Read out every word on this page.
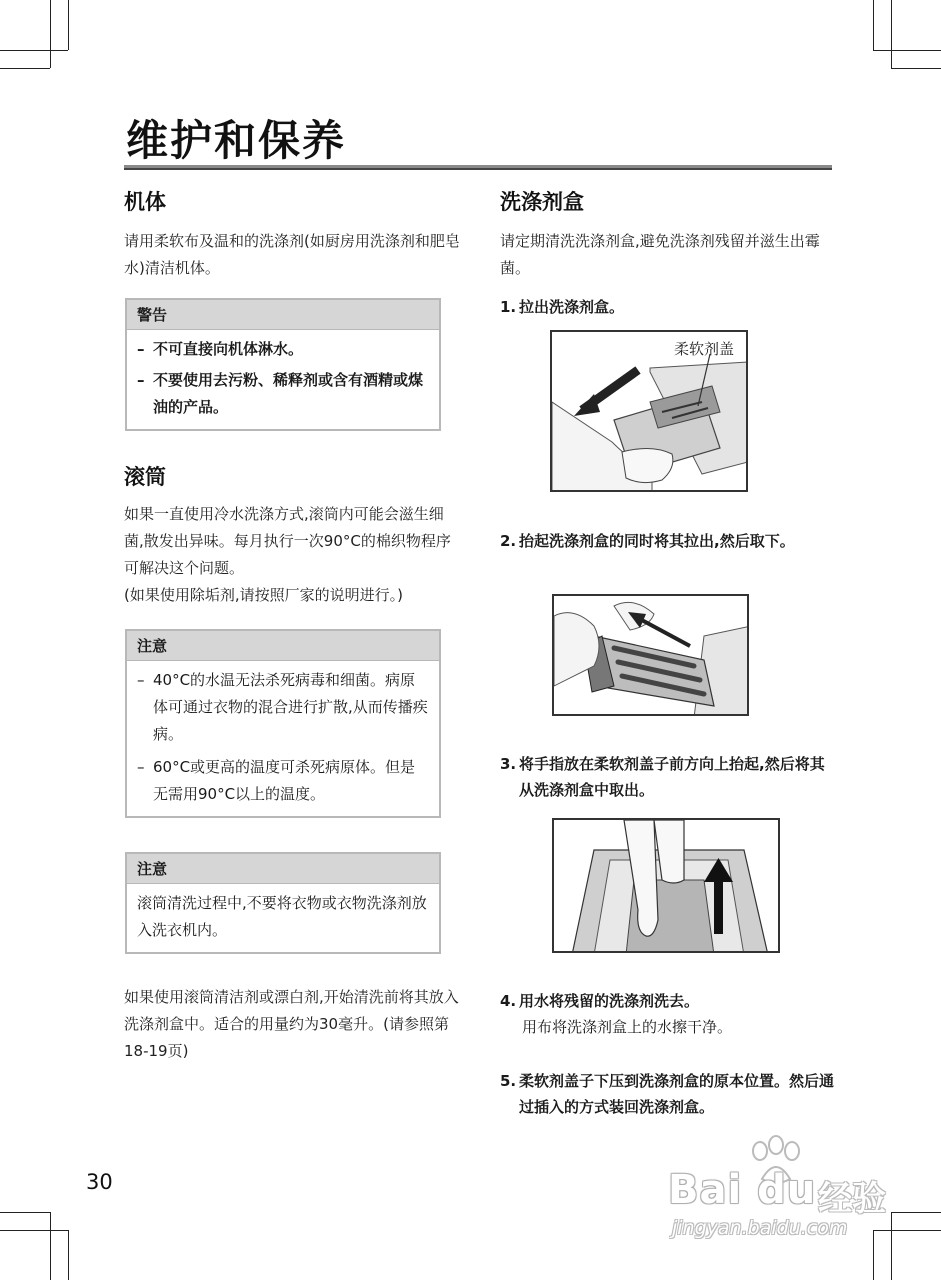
维护和保养
机体

请用柔软布及温和的洗涤剂(如厨房用洗涤剂和肥皂水)清洁机体。

警告
– 不可直接向机体淋水。
– 不要使用去污粉、稀释剂或含有酒精或煤油的产品。
滚筒

如果一直使用冷水洗涤方式,滚筒内可能会滋生细菌,散发出异味。每月执行一次90°C的棉织物程序可解决这个问题。

(如果使用除垢剂,请按照厂家的说明进行。)

注意
– 40°C的水温无法杀死病毒和细菌。病原体可通过衣物的混合进行扩散,从而传播疾病。
– 60°C或更高的温度可杀死病原体。但是无需用90°C以上的温度。
注意
滚筒清洗过程中,不要将衣物或衣物洗涤剂放入洗衣机内。

如果使用滚筒清洁剂或漂白剂,开始清洗前将其放入洗涤剂盒中。适合的用量约为30毫升。(请参照第18-19页)

洗涤剂盒

请定期清洗洗涤剂盒,避免洗涤剂残留并滋生出霉菌。

1. 拉出洗涤剂盒。
2. 抬起洗涤剂盒的同时将其拉出,然后取下。
3. 将手指放在柔软剂盖子前方向上抬起,然后将其从洗涤剂盒中取出。
4. 用水将残留的洗涤剂洗去。
用布将洗涤剂盒上的水擦干净。
5. 柔软剂盖子下压到洗涤剂盒的原本位置。然后通过插入的方式装回洗涤剂盒。
柔软剂盖
30	Bai du 经验
jingyan.baidu.com
